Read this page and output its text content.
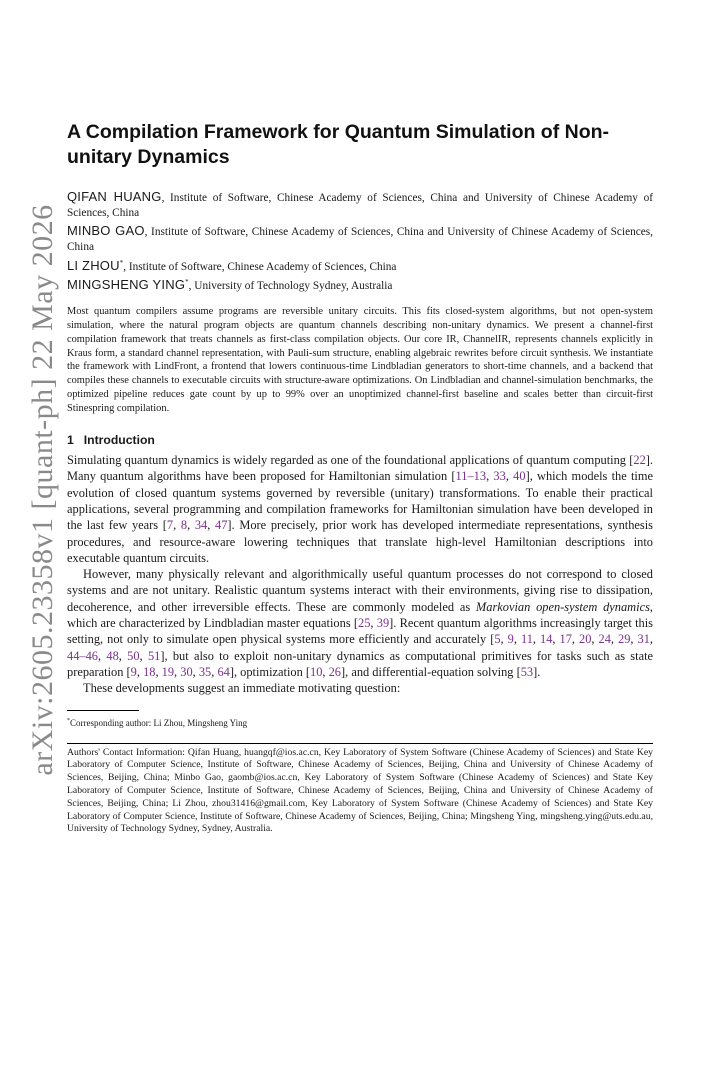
arXiv:2605.23358v1 [quant-ph] 22 May 2026
A Compilation Framework for Quantum Simulation of Non-unitary Dynamics

QIFAN HUANG, Institute of Software, Chinese Academy of Sciences, China and University of Chinese Academy of Sciences, China

MINBO GAO, Institute of Software, Chinese Academy of Sciences, China and University of Chinese Academy of Sciences, China

LI ZHOU*, Institute of Software, Chinese Academy of Sciences, China

MINGSHENG YING*, University of Technology Sydney, Australia

Most quantum compilers assume programs are reversible unitary circuits. This fits closed-system algorithms, but not open-system simulation, where the natural program objects are quantum channels describing non-unitary dynamics. We present a channel-first compilation framework that treats channels as first-class compilation objects. Our core IR, ChannelIR, represents channels explicitly in Kraus form, a standard channel representation, with Pauli-sum structure, enabling algebraic rewrites before circuit synthesis. We instantiate the framework with LindFront, a frontend that lowers continuous-time Lindbladian generators to short-time channels, and a backend that compiles these channels to executable circuits with structure-aware optimizations. On Lindbladian and channel-simulation benchmarks, the optimized pipeline reduces gate count by up to 99% over an unoptimized channel-first baseline and scales better than circuit-first Stinespring compilation.

1 Introduction

Simulating quantum dynamics is widely regarded as one of the foundational applications of quantum computing [22]. Many quantum algorithms have been proposed for Hamiltonian simulation [11–13, 33, 40], which models the time evolution of closed quantum systems governed by reversible (unitary) transformations. To enable their practical applications, several programming and compilation frameworks for Hamiltonian simulation have been developed in the last few years [7, 8, 34, 47]. More precisely, prior work has developed intermediate representations, synthesis procedures, and resource-aware lowering techniques that translate high-level Hamiltonian descriptions into executable quantum circuits.

However, many physically relevant and algorithmically useful quantum processes do not correspond to closed systems and are not unitary. Realistic quantum systems interact with their environments, giving rise to dissipation, decoherence, and other irreversible effects. These are commonly modeled as Markovian open-system dynamics, which are characterized by Lindbladian master equations [25, 39]. Recent quantum algorithms increasingly target this setting, not only to simulate open physical systems more efficiently and accurately [5, 9, 11, 14, 17, 20, 24, 29, 31, 44–46, 48, 50, 51], but also to exploit non-unitary dynamics as computational primitives for tasks such as state preparation [9, 18, 19, 30, 35, 64], optimization [10, 26], and differential-equation solving [53].

These developments suggest an immediate motivating question:

*Corresponding author: Li Zhou, Mingsheng Ying

Authors' Contact Information: Qifan Huang, huangqf@ios.ac.cn, Key Laboratory of System Software (Chinese Academy of Sciences) and State Key Laboratory of Computer Science, Institute of Software, Chinese Academy of Sciences, Beijing, China and University of Chinese Academy of Sciences, Beijing, China; Minbo Gao, gaomb@ios.ac.cn, Key Laboratory of System Software (Chinese Academy of Sciences) and State Key Laboratory of Computer Science, Institute of Software, Chinese Academy of Sciences, Beijing, China and University of Chinese Academy of Sciences, Beijing, China; Li Zhou, zhou31416@gmail.com, Key Laboratory of System Software (Chinese Academy of Sciences) and State Key Laboratory of Computer Science, Institute of Software, Chinese Academy of Sciences, Beijing, China; Mingsheng Ying, mingsheng.ying@uts.edu.au, University of Technology Sydney, Sydney, Australia.
